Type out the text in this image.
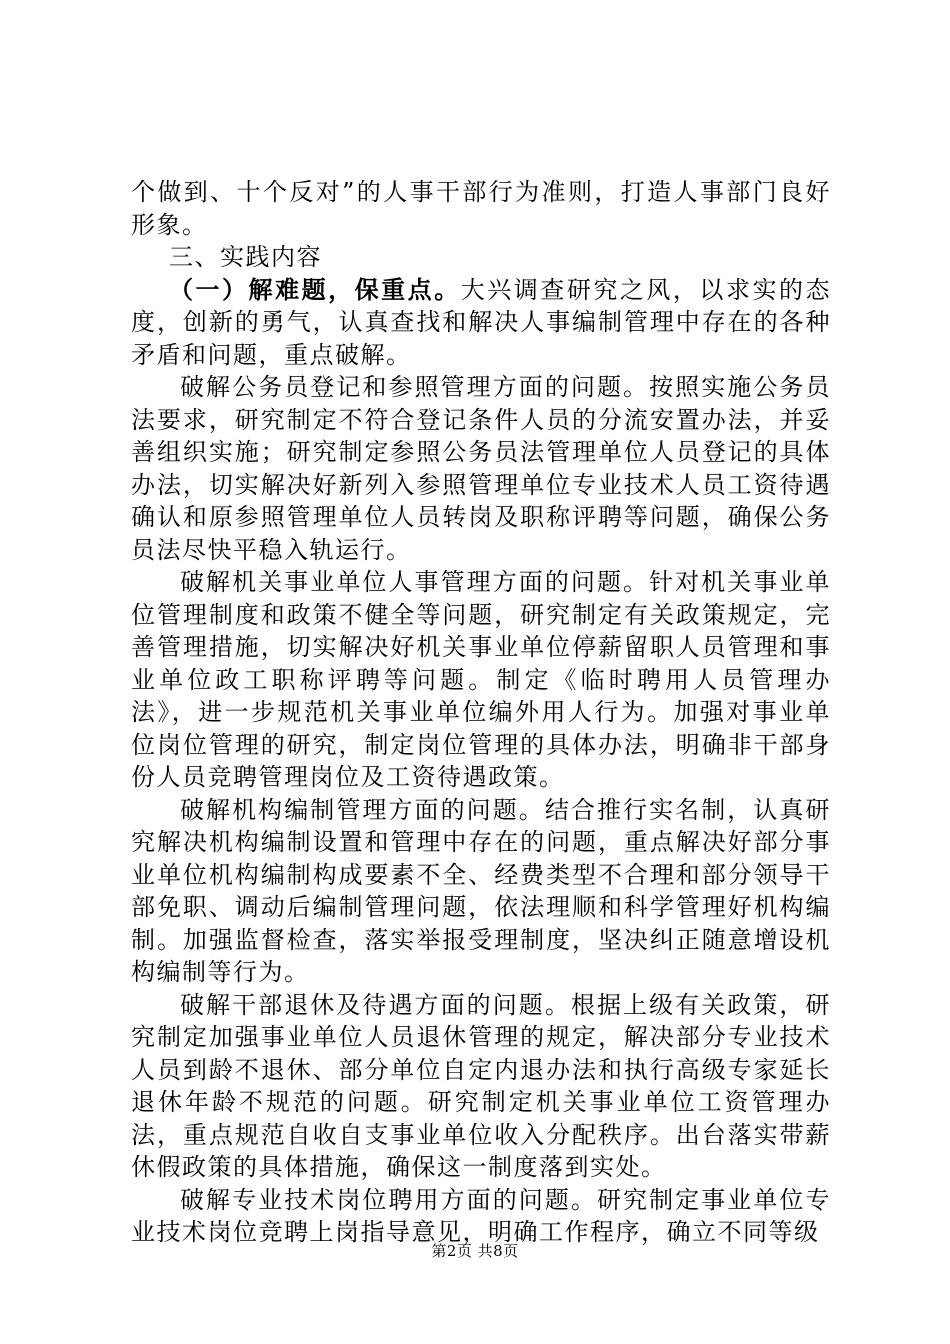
个做到、十个反对”的人事干部行为准则，打造人事部门良好形象。

三、实践内容

（一）解难题，保重点。大兴调查研究之风，以求实的态度，创新的勇气，认真查找和解决人事编制管理中存在的各种矛盾和问题，重点破解。

破解公务员登记和参照管理方面的问题。按照实施公务员法要求，研究制定不符合登记条件人员的分流安置办法，并妥善组织实施；研究制定参照公务员法管理单位人员登记的具体办法，切实解决好新列入参照管理单位专业技术人员工资待遇确认和原参照管理单位人员转岗及职称评聘等问题，确保公务员法尽快平稳入轨运行。

破解机关事业单位人事管理方面的问题。针对机关事业单位管理制度和政策不健全等问题，研究制定有关政策规定，完善管理措施，切实解决好机关事业单位停薪留职人员管理和事业单位政工职称评聘等问题。制定《临时聘用人员管理办法》，进一步规范机关事业单位编外用人行为。加强对事业单位岗位管理的研究，制定岗位管理的具体办法，明确非干部身份人员竞聘管理岗位及工资待遇政策。

破解机构编制管理方面的问题。结合推行实名制，认真研究解决机构编制设置和管理中存在的问题，重点解决好部分事业单位机构编制构成要素不全、经费类型不合理和部分领导干部免职、调动后编制管理问题，依法理顺和科学管理好机构编制。加强监督检查，落实举报受理制度，坚决纠正随意增设机构编制等行为。

破解干部退休及待遇方面的问题。根据上级有关政策，研究制定加强事业单位人员退休管理的规定，解决部分专业技术人员到龄不退休、部分单位自定内退办法和执行高级专家延长退休年龄不规范的问题。研究制定机关事业单位工资管理办法，重点规范自收自支事业单位收入分配秩序。出台落实带薪休假政策的具体措施，确保这一制度落到实处。

破解专业技术岗位聘用方面的问题。研究制定事业单位专业技术岗位竞聘上岗指导意见，明确工作程序，确立不同等级

第2页 共8页
